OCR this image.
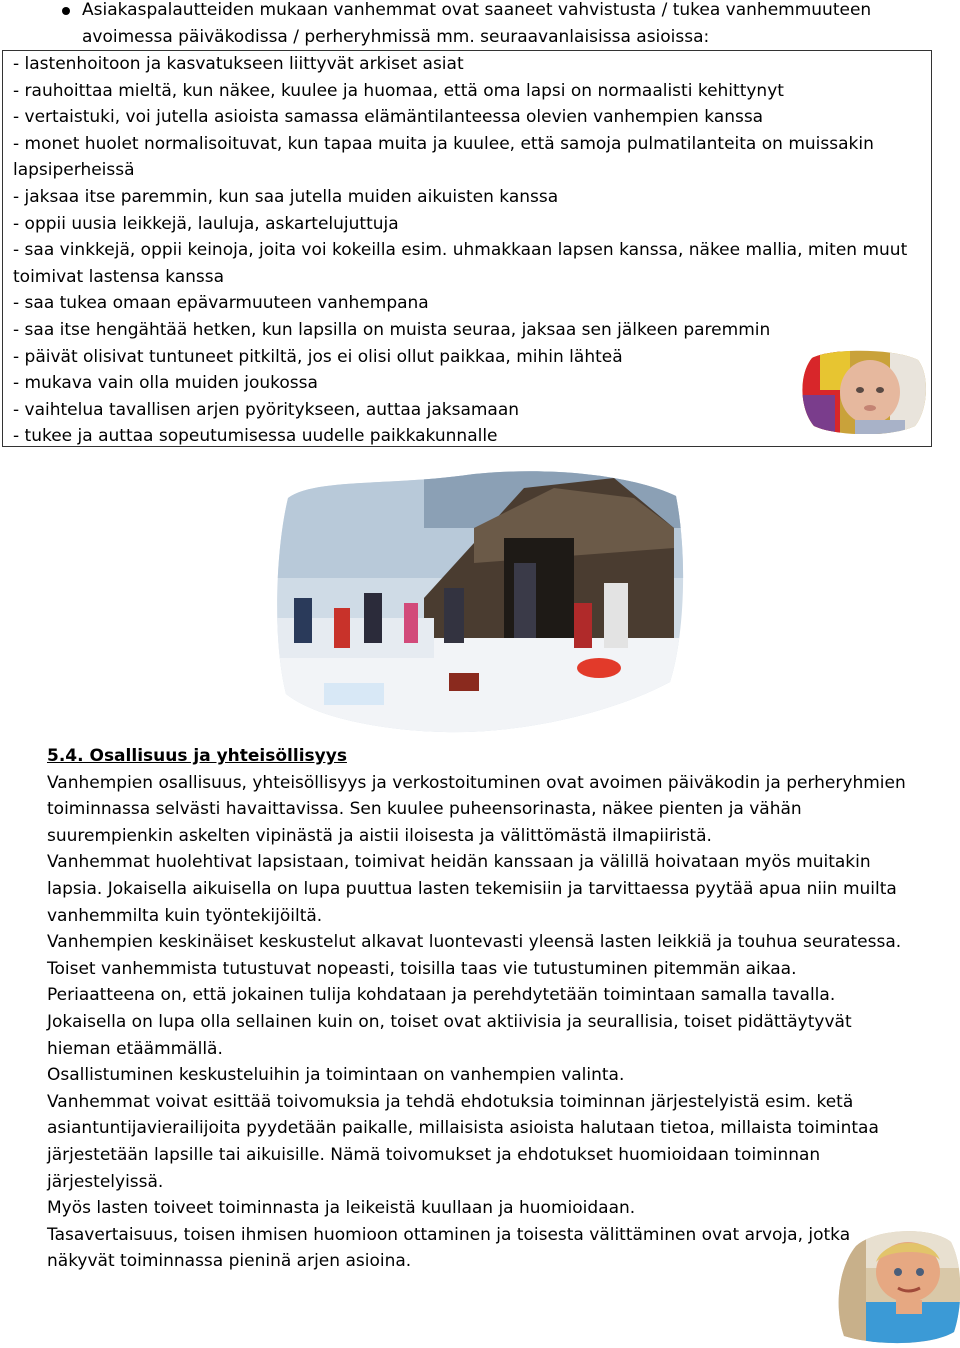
Asiakaspalautteiden mukaan vanhemmat ovat saaneet vahvistusta / tukea vanhemmuuteen
avoimessa päiväkodissa / perheryhmissä mm. seuraavanlaisissa asioissa:

- lastenhoitoon ja kasvatukseen liittyvät arkiset asiat

- rauhoittaa mieltä, kun näkee, kuulee ja huomaa, että oma lapsi on normaalisti kehittynyt

- vertaistuki, voi jutella asioista samassa elämäntilanteessa olevien vanhempien kanssa

- monet huolet normalisoituvat, kun tapaa muita ja kuulee, että samoja pulmatilanteita on muissakin

lapsiperheissä

- jaksaa itse paremmin, kun saa jutella muiden aikuisten kanssa

- oppii uusia leikkejä, lauluja, askartelujuttuja

- saa vinkkejä, oppii keinoja, joita voi kokeilla esim. uhmakkaan lapsen kanssa, näkee mallia, miten muut

toimivat lastensa kanssa

- saa tukea omaan epävarmuuteen vanhempana

- saa itse hengähtää hetken, kun lapsilla on muista seuraa, jaksaa sen jälkeen paremmin

- päivät olisivat tuntuneet pitkiltä, jos ei olisi ollut paikkaa, mihin lähteä

- mukava vain olla muiden joukossa

- vaihtelua tavallisen arjen pyöritykseen, auttaa jaksamaan

- tukee ja auttaa sopeutumisessa uudelle paikkakunnalle

5.4. Osallisuus ja yhteisöllisyys

Vanhempien osallisuus, yhteisöllisyys ja verkostoituminen ovat avoimen päiväkodin ja perheryhmien

toiminnassa selvästi havaittavissa. Sen kuulee puheensorinasta, näkee pienten ja vähän

suurempienkin askelten vipinästä ja aistii iloisesta ja välittömästä ilmapiiristä.

Vanhemmat huolehtivat lapsistaan, toimivat heidän kanssaan ja välillä hoivataan myös muitakin

lapsia. Jokaisella aikuisella on lupa puuttua lasten tekemisiin ja tarvittaessa pyytää apua niin muilta

vanhemmilta kuin työntekijöiltä.

Vanhempien keskinäiset keskustelut alkavat luontevasti yleensä lasten leikkiä ja touhua seuratessa.

Toiset vanhemmista tutustuvat nopeasti, toisilla taas vie tutustuminen pitemmän aikaa.

Periaatteena on, että jokainen tulija kohdataan ja perehdytetään toimintaan samalla tavalla.

Jokaisella on lupa olla sellainen kuin on, toiset ovat aktiivisia ja seurallisia, toiset pidättäytyvät

hieman etäämmällä.

Osallistuminen keskusteluihin ja toimintaan on vanhempien valinta.

Vanhemmat voivat esittää toivomuksia ja tehdä ehdotuksia toiminnan järjestelyistä esim. ketä

asiantuntijavierailijoita pyydetään paikalle, millaisista asioista halutaan tietoa, millaista toimintaa

järjestetään lapsille tai aikuisille. Nämä toivomukset ja ehdotukset huomioidaan toiminnan

järjestelyissä.

Myös lasten toiveet toiminnasta ja leikeistä kuullaan ja huomioidaan.

Tasavertaisuus, toisen ihmisen huomioon ottaminen ja toisesta välittäminen ovat arvoja, jotka

näkyvät toiminnassa pieninä arjen asioina.
